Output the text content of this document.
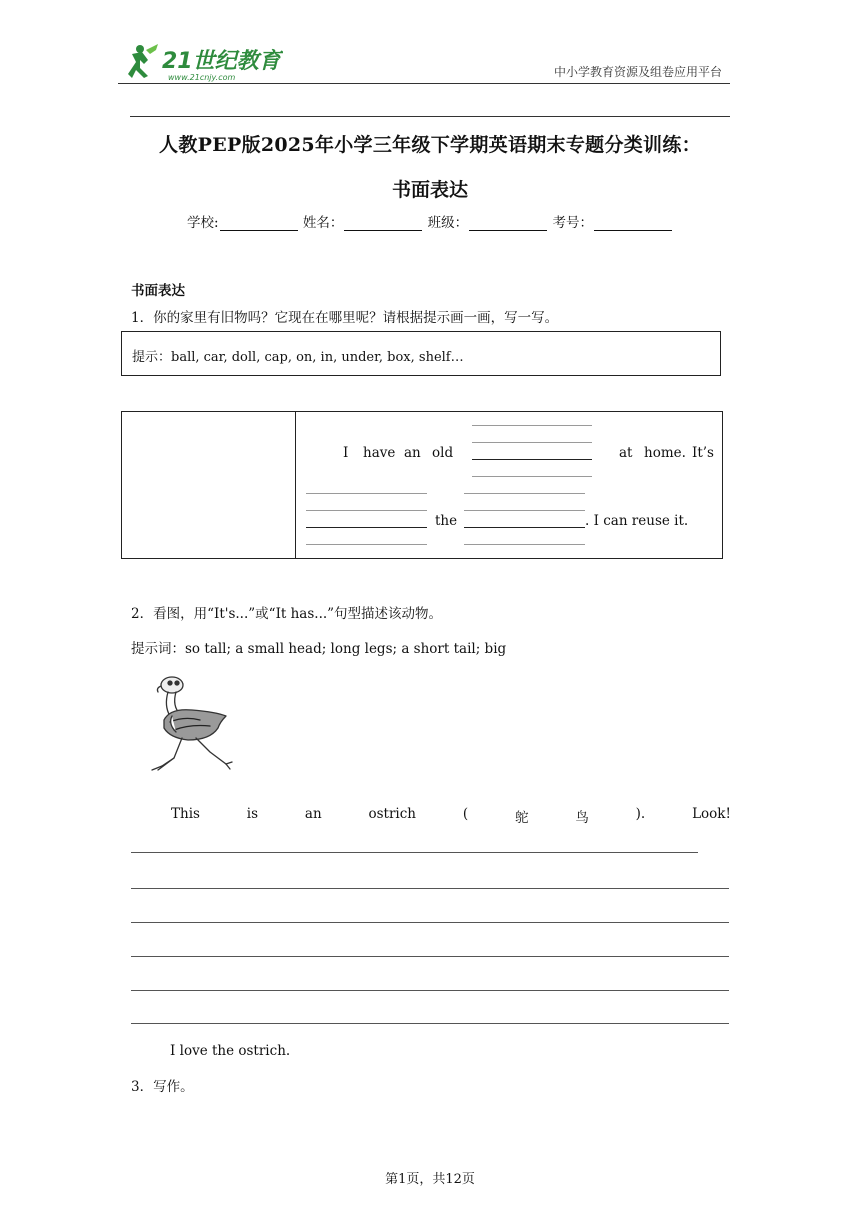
21世纪教育
www.21cnjy.com	中小学教育资源及组卷应用平台
人教PEP版2025年小学三年级下学期英语期末专题分类训练：
书面表达
学校:	姓名：	班级：	考号：
书面表达
1．你的家里有旧物吗？它现在在哪里呢？请根据提示画一画，写一写。
提示：ball, car, doll, cap, on, in, under, box, shelf…
I have an old	at home. It’s
the	. I can reuse it.
2．看图，用“It's...”或“It has...”句型描述该动物。
提示词：so tall; a small head; long legs; a short tail; big
This	is	an	ostrich	(	鸵	鸟	).	Look!
I love the ostrich.
3．写作。
第1页，共12页
